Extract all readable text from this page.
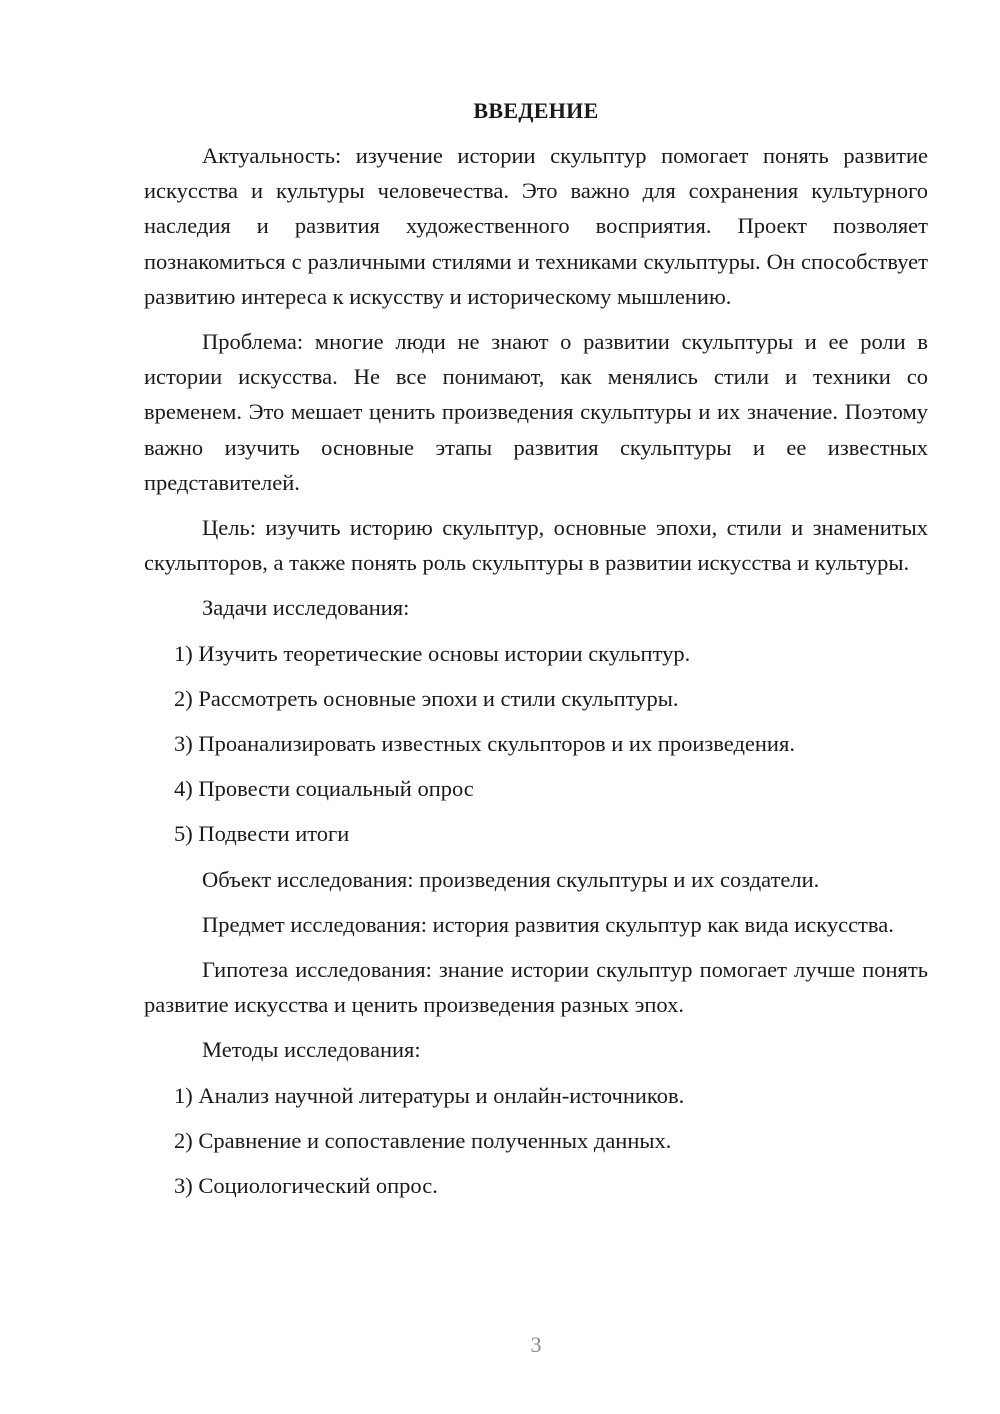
ВВЕДЕНИЕ

Актуальность: изучение истории скульптур помогает понять развитие искусства и культуры человечества. Это важно для сохранения культурного наследия и развития художественного восприятия. Проект позволяет познакомиться с различными стилями и техниками скульптуры. Он способствует развитию интереса к искусству и историческому мышлению.

Проблема: многие люди не знают о развитии скульптуры и ее роли в истории искусства. Не все понимают, как менялись стили и техники со временем. Это мешает ценить произведения скульптуры и их значение. Поэтому важно изучить основные этапы развития скульптуры и ее известных представителей.

Цель: изучить историю скульптур, основные эпохи, стили и знаменитых скульпторов, а также понять роль скульптуры в развитии искусства и культуры.

Задачи исследования:

1) Изучить теоретические основы истории скульптур.

2) Рассмотреть основные эпохи и стили скульптуры.

3) Проанализировать известных скульпторов и их произведения.

4) Провести социальный опрос

5) Подвести итоги

Объект исследования: произведения скульптуры и их создатели.

Предмет исследования: история развития скульптур как вида искусства.

Гипотеза исследования: знание истории скульптур помогает лучше понять развитие искусства и ценить произведения разных эпох.

Методы исследования:

1) Анализ научной литературы и онлайн-источников.

2) Сравнение и сопоставление полученных данных.

3) Социологический опрос.

3
